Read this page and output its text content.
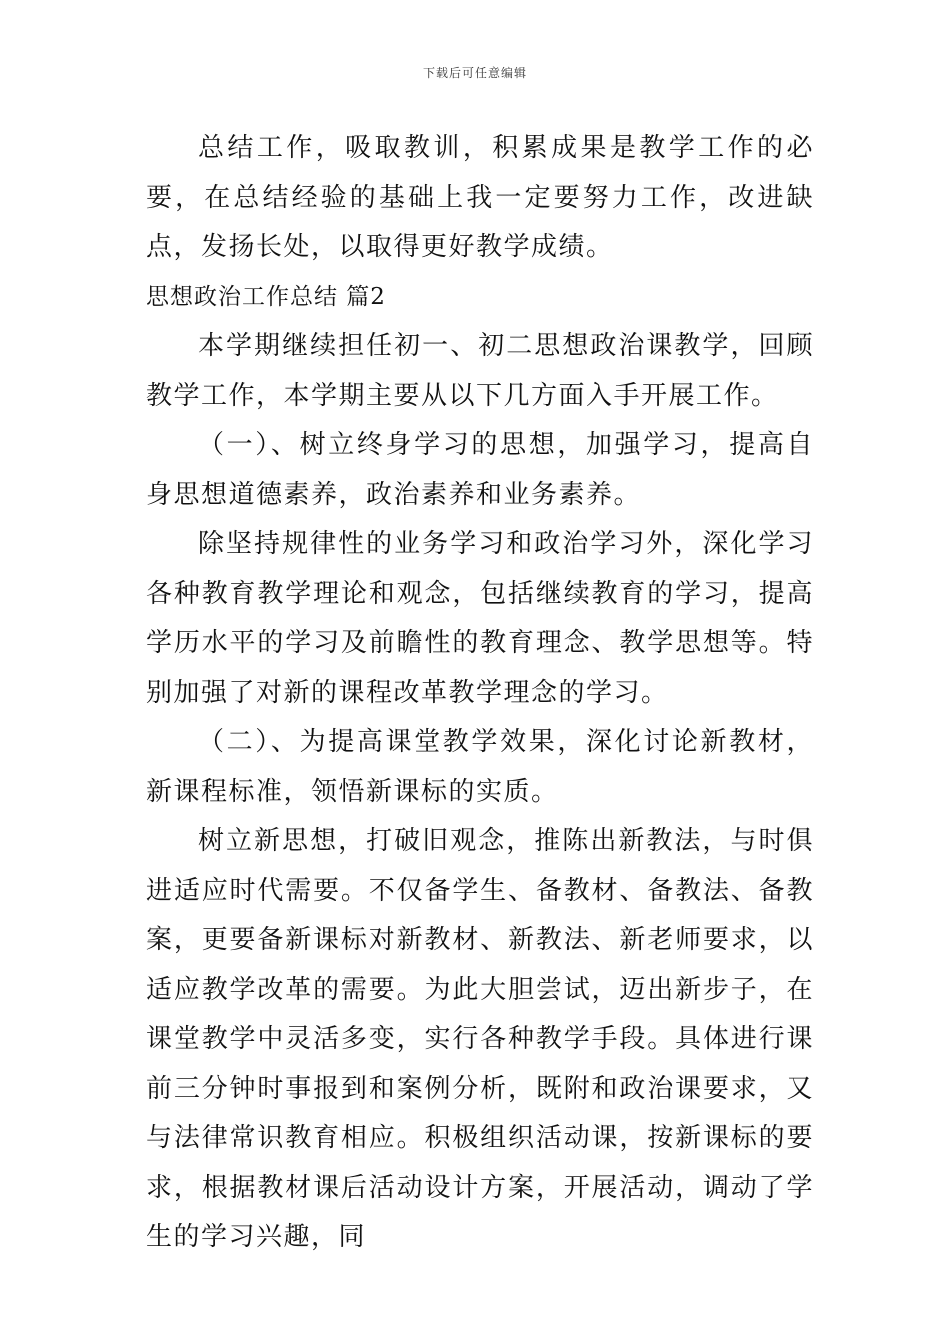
下载后可任意编辑

总结工作，吸取教训，积累成果是教学工作的必要，在总结经验的基础上我一定要努力工作，改进缺点，发扬长处，以取得更好教学成绩。

思想政治工作总结 篇2

本学期继续担任初一、初二思想政治课教学，回顾教学工作，本学期主要从以下几方面入手开展工作。

（一）、树立终身学习的思想，加强学习，提高自身思想道德素养，政治素养和业务素养。

除坚持规律性的业务学习和政治学习外，深化学习各种教育教学理论和观念，包括继续教育的学习，提高学历水平的学习及前瞻性的教育理念、教学思想等。特别加强了对新的课程改革教学理念的学习。

（二）、为提高课堂教学效果，深化讨论新教材，新课程标准，领悟新课标的实质。

树立新思想，打破旧观念，推陈出新教法，与时俱进适应时代需要。不仅备学生、备教材、备教法、备教案，更要备新课标对新教材、新教法、新老师要求，以适应教学改革的需要。为此大胆尝试，迈出新步子，在课堂教学中灵活多变，实行各种教学手段。具体进行课前三分钟时事报到和案例分析，既附和政治课要求，又与法律常识教育相应。积极组织活动课，按新课标的要求，根据教材课后活动设计方案，开展活动，调动了学生的学习兴趣，同
